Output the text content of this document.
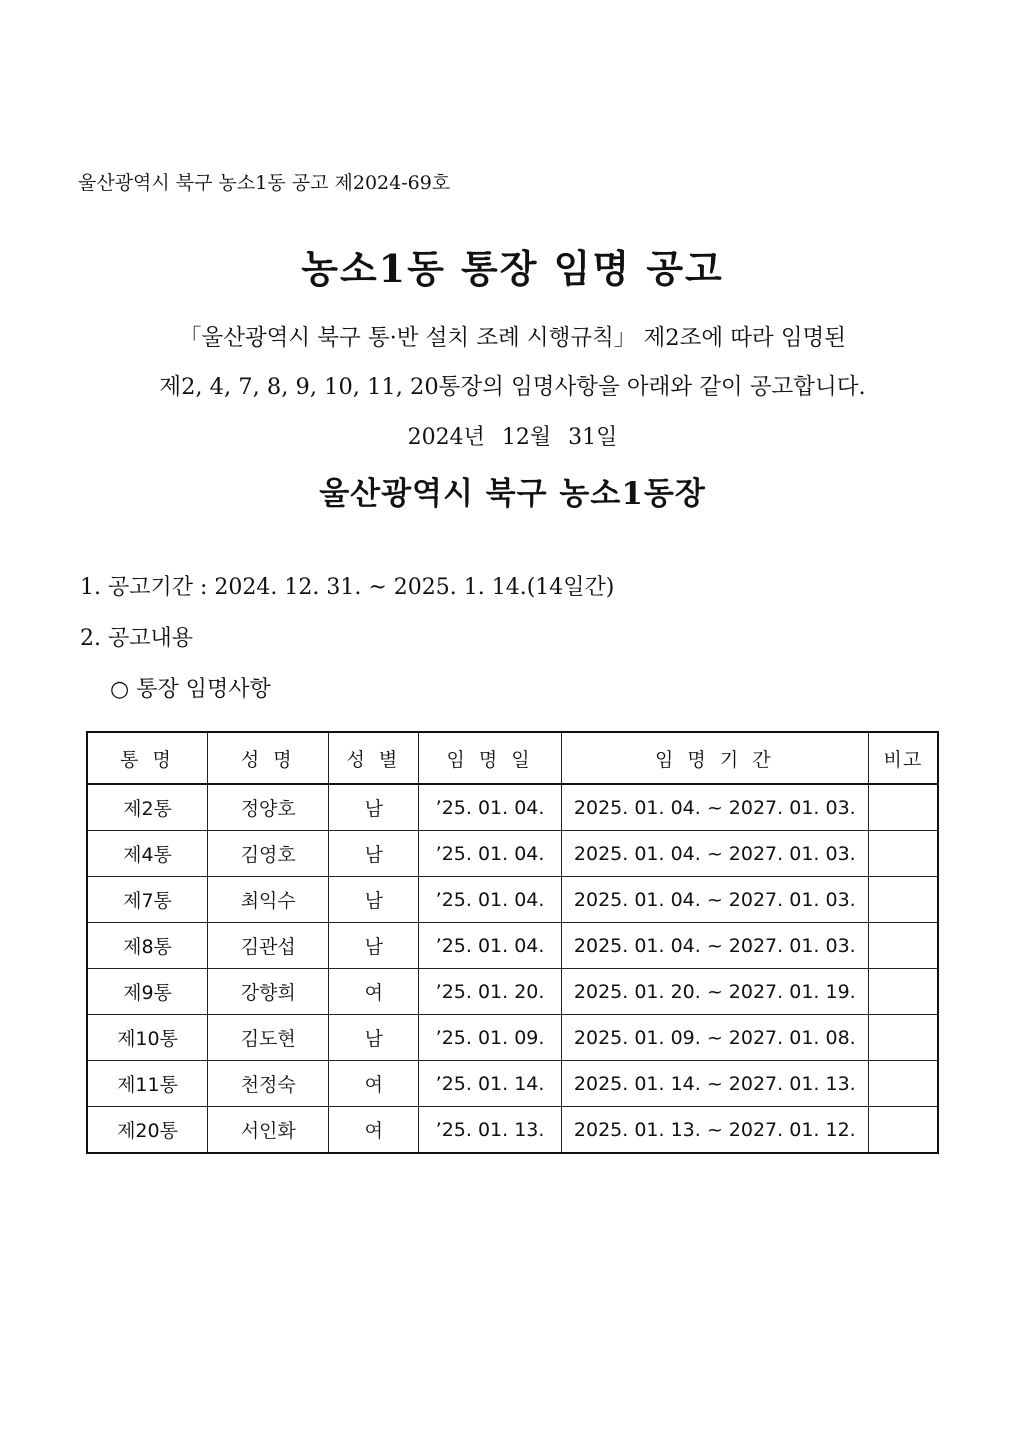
울산광역시 북구 농소1동 공고 제2024-69호
농소1동 통장 임명 공고
「울산광역시 북구 통·반 설치 조례 시행규칙」 제2조에 따라 임명된
제2, 4, 7, 8, 9, 10, 11, 20통장의 임명사항을 아래와 같이 공고합니다.
2024년 12월 31일
울산광역시 북구 농소1동장
1. 공고기간 : 2024. 12. 31. ~ 2025. 1. 14.(14일간)
2. 공고내용
○ 통장 임명사항
통 명	성 명	성 별	임 명 일	임 명 기 간	비고
제2통	정양호	남	’25. 01. 04.	2025. 01. 04. ~ 2027. 01. 03.	
제4통	김영호	남	’25. 01. 04.	2025. 01. 04. ~ 2027. 01. 03.	
제7통	최익수	남	’25. 01. 04.	2025. 01. 04. ~ 2027. 01. 03.	
제8통	김관섭	남	’25. 01. 04.	2025. 01. 04. ~ 2027. 01. 03.	
제9통	강향희	여	’25. 01. 20.	2025. 01. 20. ~ 2027. 01. 19.	
제10통	김도현	남	’25. 01. 09.	2025. 01. 09. ~ 2027. 01. 08.	
제11통	천정숙	여	’25. 01. 14.	2025. 01. 14. ~ 2027. 01. 13.	
제20통	서인화	여	’25. 01. 13.	2025. 01. 13. ~ 2027. 01. 12.	
